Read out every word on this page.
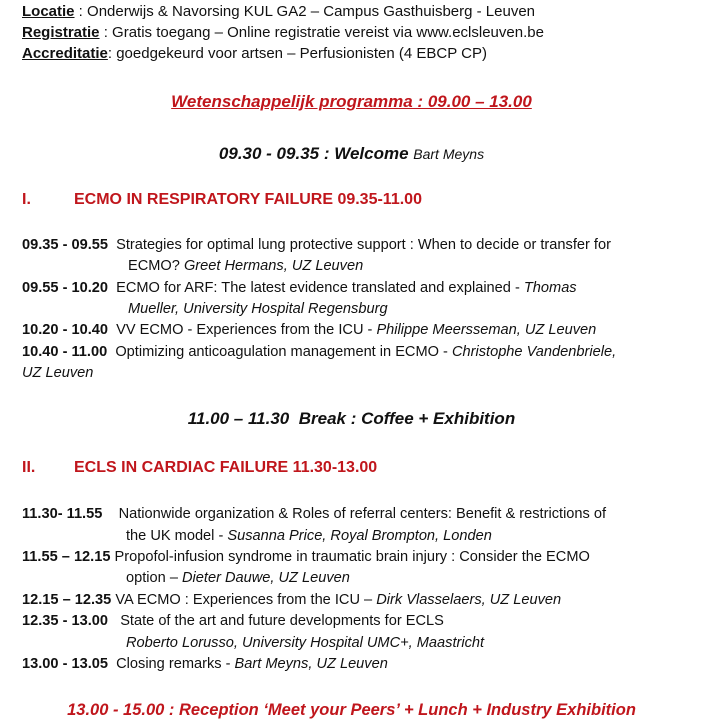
Locatie : Onderwijs & Navorsing KUL GA2 – Campus Gasthuisberg - Leuven
Registratie : Gratis toegang – Online registratie vereist via www.eclsleuven.be
Accreditatie: goedgekeurd voor artsen – Perfusionisten (4 EBCP CP)
Wetenschappelijk programma : 09.00 – 13.00
09.30 - 09.35 : Welcome Bart Meyns
I.	ECMO IN RESPIRATORY FAILURE 09.35-11.00
09.35 - 09.55 Strategies for optimal lung protective support : When to decide or transfer for
ECMO? Greet Hermans, UZ Leuven
09.55 - 10.20 ECMO for ARF: The latest evidence translated and explained - Thomas
Mueller, University Hospital Regensburg
10.20 - 10.40 VV ECMO - Experiences from the ICU - Philippe Meersseman, UZ Leuven
10.40 - 11.00 Optimizing anticoagulation management in ECMO - Christophe Vandenbriele,
UZ Leuven
11.00 – 11.30 Break : Coffee + Exhibition
II. ECLS IN CARDIAC FAILURE 11.30-13.00
11.30- 11.55 Nationwide organization & Roles of referral centers: Benefit & restrictions of
the UK model - Susanna Price, Royal Brompton, Londen
11.55 – 12.15 Propofol-infusion syndrome in traumatic brain injury : Consider the ECMO
option – Dieter Dauwe, UZ Leuven
12.15 – 12.35 VA ECMO : Experiences from the ICU – Dirk Vlasselaers, UZ Leuven
12.35 - 13.00 State of the art and future developments for ECLS
Roberto Lorusso, University Hospital UMC+, Maastricht
13.00 - 13.05 Closing remarks - Bart Meyns, UZ Leuven
13.00 - 15.00 : Reception ‘Meet your Peers’ + Lunch + Industry Exhibition
